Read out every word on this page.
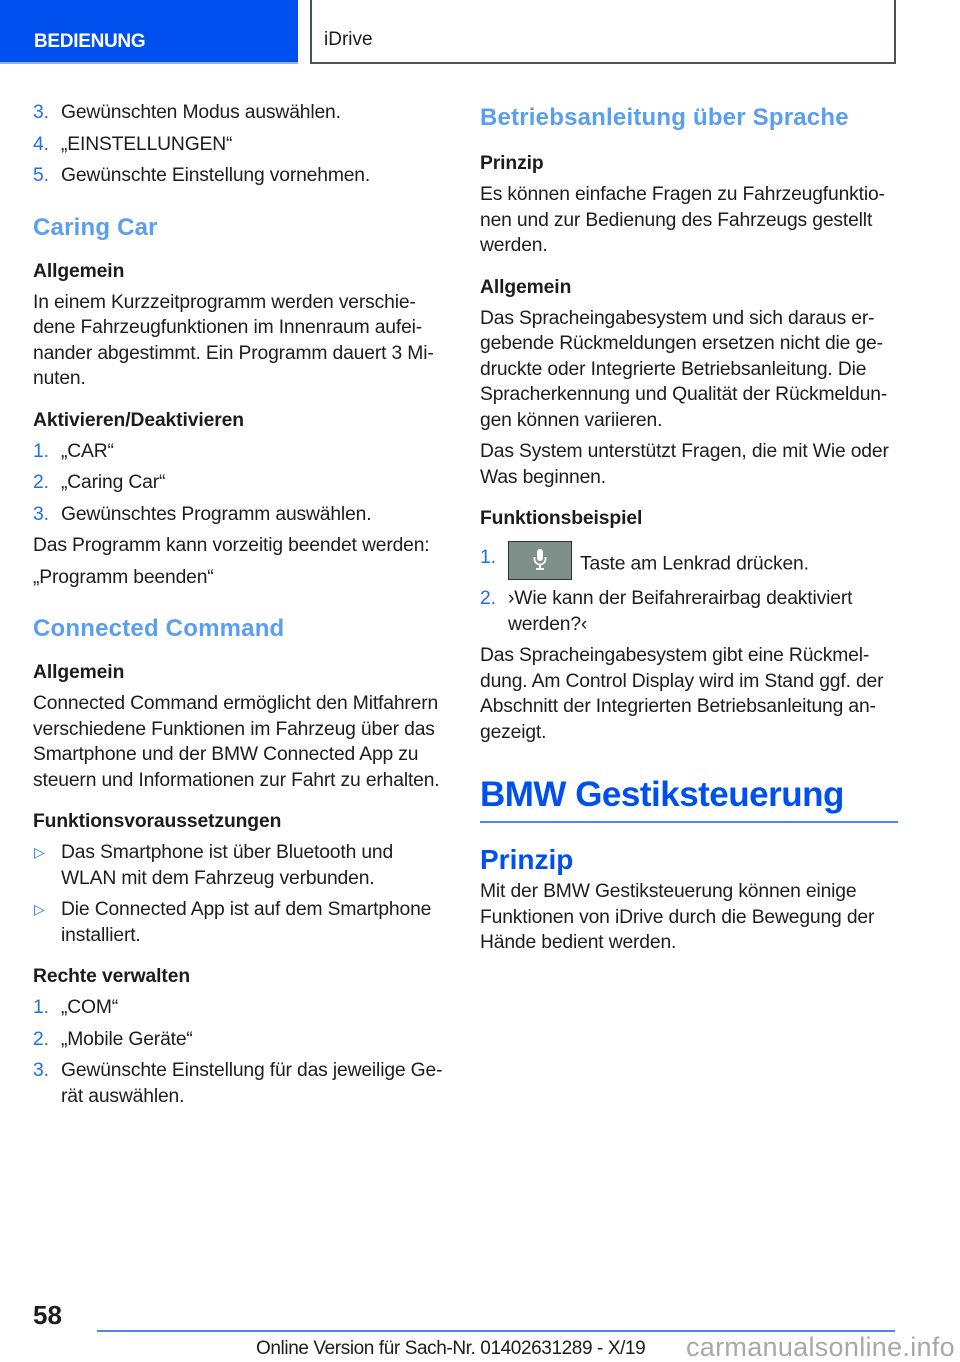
BEDIENUNG	iDrive
3. Gewünschten Modus auswählen.
4. „EINSTELLUNGEN“
5. Gewünschte Einstellung vornehmen.
Caring Car
Allgemein
In einem Kurzzeitprogramm werden verschie-dene Fahrzeugfunktionen im Innenraum aufei-nander abgestimmt. Ein Programm dauert 3 Mi-nuten.
Aktivieren/Deaktivieren
1. „CAR“
2. „Caring Car“
3. Gewünschtes Programm auswählen.
Das Programm kann vorzeitig beendet werden:
„Programm beenden“
Connected Command
Allgemein
Connected Command ermöglicht den Mitfahrern verschiedene Funktionen im Fahrzeug über das Smartphone und der BMW Connected App zu steuern und Informationen zur Fahrt zu erhalten.
Funktionsvoraussetzungen
▷ Das Smartphone ist über Bluetooth und WLAN mit dem Fahrzeug verbunden.
▷ Die Connected App ist auf dem Smartphone installiert.
Rechte verwalten
1. „COM“
2. „Mobile Geräte“
3. Gewünschte Einstellung für das jeweilige Ge-rät auswählen.
Betriebsanleitung über Sprache
Prinzip
Es können einfache Fragen zu Fahrzeugfunktio-nen und zur Bedienung des Fahrzeugs gestellt werden.
Allgemein
Das Spracheingabesystem und sich daraus er-gebende Rückmeldungen ersetzen nicht die ge-druckte oder Integrierte Betriebsanleitung. Die Spracherkennung und Qualität der Rückmeldun-gen können variieren.
Das System unterstützt Fragen, die mit Wie oder Was beginnen.
Funktionsbeispiel
1.	Taste am Lenkrad drücken.
2. ›Wie kann der Beifahrerairbag deaktiviert werden?‹
Das Spracheingabesystem gibt eine Rückmel-dung. Am Control Display wird im Stand ggf. der Abschnitt der Integrierten Betriebsanleitung an-gezeigt.
BMW Gestiksteuerung
Prinzip
Mit der BMW Gestiksteuerung können einige Funktionen von iDrive durch die Bewegung der Hände bedient werden.
58
Online Version für Sach-Nr. 01402631289 - X/19 carmanualsonline.info
